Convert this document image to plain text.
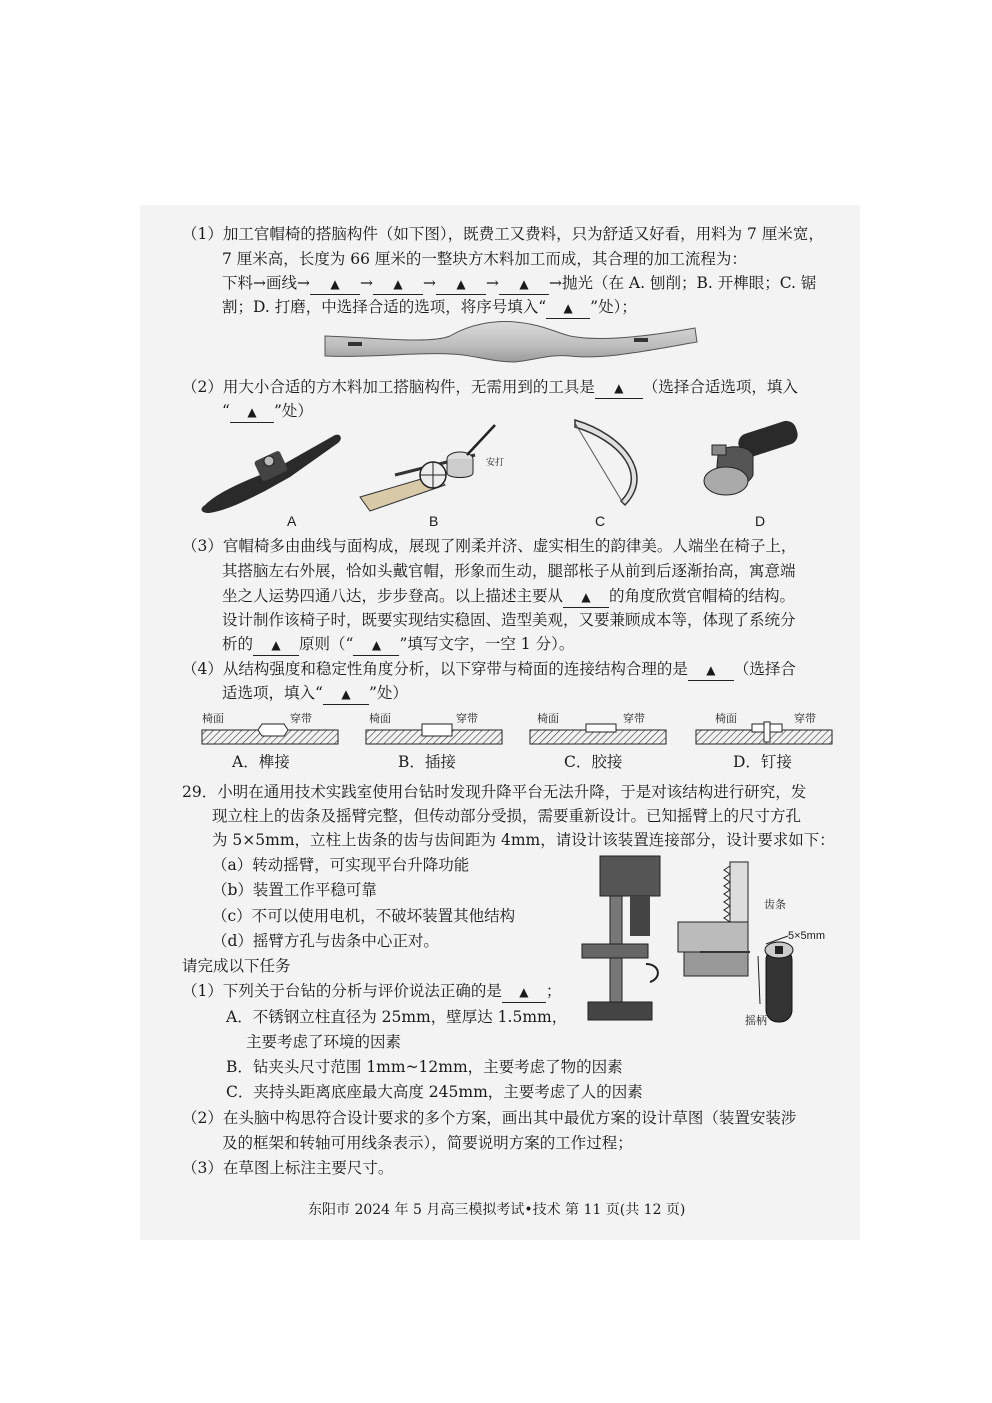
（1）加工官帽椅的搭脑构件（如下图），既费工又费料，只为舒适又好看，用料为 7 厘米宽，
7 厘米高，长度为 66 厘米的一整块方木料加工而成，其合理的加工流程为：
下料→画线→ ▲ → ▲ → ▲ → ▲ →抛光（在 A. 刨削；B. 开榫眼；C. 锯
割；D. 打磨，中选择合适的选项，将序号填入“ ▲ ”处）；
（2）用大小合适的方木料加工搭脑构件，无需用到的工具是 ▲ （选择合适选项，填入
“ ▲ ”处）
A
安打
B	C	D
（3）官帽椅多由曲线与面构成，展现了刚柔并济、虚实相生的韵律美。人端坐在椅子上，
其搭脑左右外展，恰如头戴官帽，形象而生动，腿部枨子从前到后逐渐抬高，寓意端
坐之人运势四通八达，步步登高。以上描述主要从 ▲ 的角度欣赏官帽椅的结构。
设计制作该椅子时，既要实现结实稳固、造型美观，又要兼顾成本等，体现了系统分
析的 ▲ 原则（“ ▲ ”填写文字，一空 1 分）。
（4）从结构强度和稳定性角度分析，以下穿带与椅面的连接结构合理的是 ▲ （选择合
适选项，填入“ ▲ ”处）
椅面	穿带	椅面	穿带	椅面	穿带	椅面	穿带
A．榫接	B．插接	C．胶接	D．钉接
29．小明在通用技术实践室使用台钻时发现升降平台无法升降，于是对该结构进行研究，发
现立柱上的齿条及摇臂完整，但传动部分受损，需要重新设计。已知摇臂上的尺寸方孔
为 5×5mm，立柱上齿条的齿与齿间距为 4mm，请设计该装置连接部分，设计要求如下：
（a）转动摇臂，可实现平台升降功能
（b）装置工作平稳可靠
（c）不可以使用电机，不破坏装置其他结构
（d）摇臂方孔与齿条中心正对。
请完成以下任务
（1）下列关于台钻的分析与评价说法正确的是 ▲ ；
A．不锈钢立柱直径为 25mm，壁厚达 1.5mm，
主要考虑了环境的因素
B．钻夹头尺寸范围 1mm~12mm，主要考虑了物的因素
C．夹持头距离底座最大高度 245mm，主要考虑了人的因素
（2）在头脑中构思符合设计要求的多个方案，画出其中最优方案的设计草图（装置安装涉
及的框架和转轴可用线条表示），简要说明方案的工作过程；
（3）在草图上标注主要尺寸。
齿条
5×5mm
摇柄
东阳市 2024 年 5 月高三模拟考试•技术 第 11 页(共 12 页)
